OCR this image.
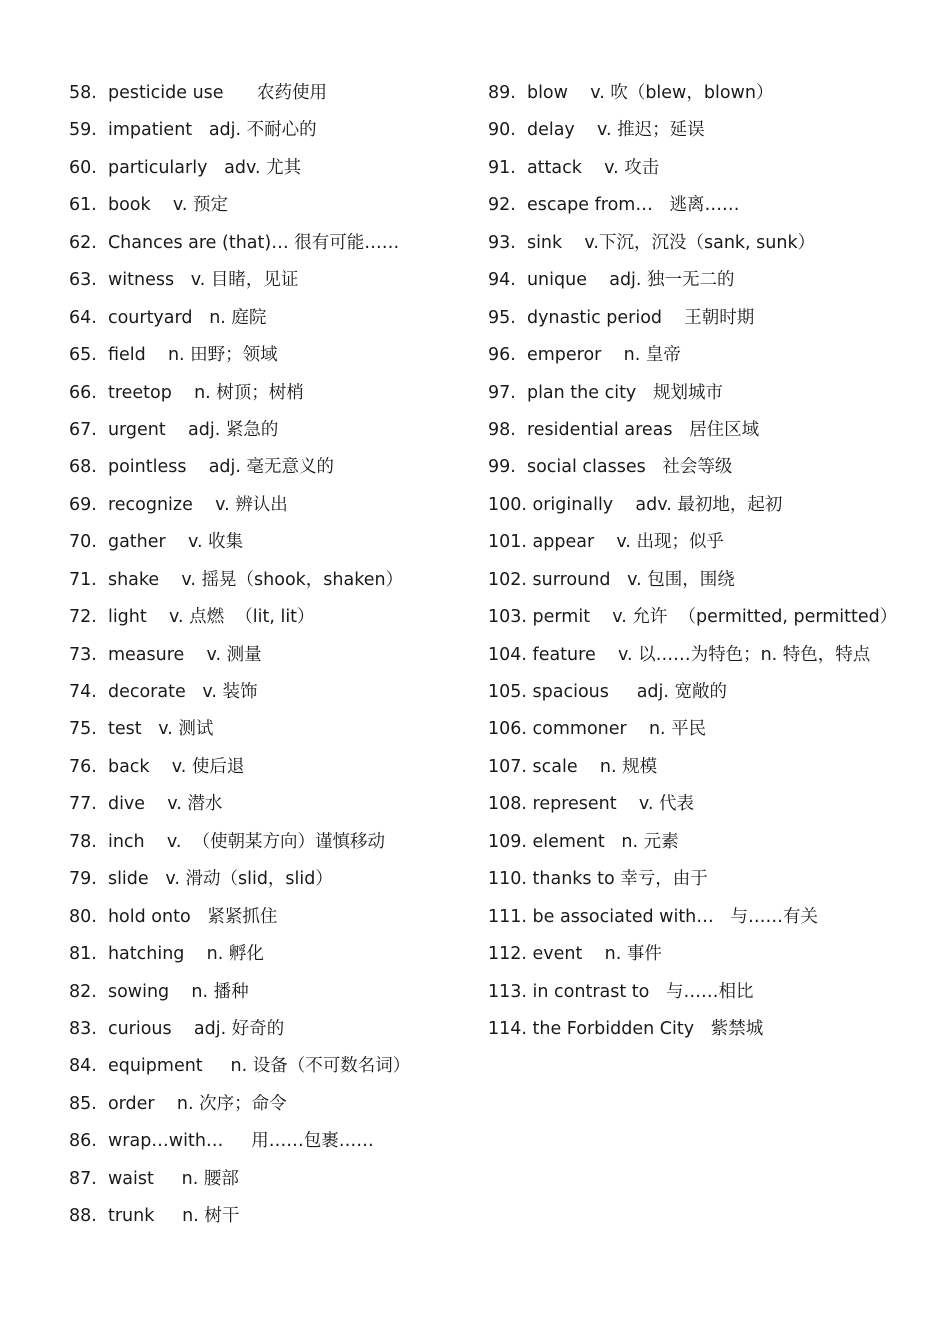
58.  pesticide use      农药使用
59.  impatient   adj. 不耐心的
60.  particularly   adv. 尤其
61.  book    v. 预定
62.  Chances are (that)… 很有可能……
63.  witness   v. 目睹，见证
64.  courtyard   n. 庭院
65.  field    n. 田野；领域
66.  treetop    n. 树顶；树梢
67.  urgent    adj. 紧急的
68.  pointless    adj. 毫无意义的
69.  recognize    v. 辨认出
70.  gather    v. 收集
71.  shake    v. 摇晃（shook，shaken）
72.  light    v. 点燃  （lit, lit）
73.  measure    v. 测量
74.  decorate   v. 装饰
75.  test   v. 测试
76.  back    v. 使后退
77.  dive    v. 潜水
78.  inch    v.  （使朝某方向）谨慎移动
79.  slide   v. 滑动（slid，slid）
80.  hold onto   紧紧抓住
81.  hatching    n. 孵化
82.  sowing    n. 播种
83.  curious    adj. 好奇的
84.  equipment     n. 设备（不可数名词）
85.  order    n. 次序；命令
86.  wrap…with…     用……包裹……
87.  waist     n. 腰部
88.  trunk     n. 树干
89.  blow    v. 吹（blew，blown）
90.  delay    v. 推迟；延误
91.  attack    v. 攻击
92.  escape from…   逃离……
93.  sink    v.下沉，沉没（sank, sunk）
94.  unique    adj. 独一无二的
95.  dynastic period    王朝时期
96.  emperor    n. 皇帝
97.  plan the city   规划城市
98.  residential areas   居住区域
99.  social classes   社会等级
100. originally    adv. 最初地，起初
101. appear    v. 出现；似乎
102. surround   v. 包围，围绕
103. permit    v. 允许  （permitted, permitted）
104. feature    v. 以……为特色；n. 特色，特点
105. spacious     adj. 宽敞的
106. commoner    n. 平民
107. scale    n. 规模
108. represent    v. 代表
109. element   n. 元素
110. thanks to 幸亏，由于
111. be associated with…   与……有关
112. event    n. 事件
113. in contrast to   与……相比
114. the Forbidden City   紫禁城
